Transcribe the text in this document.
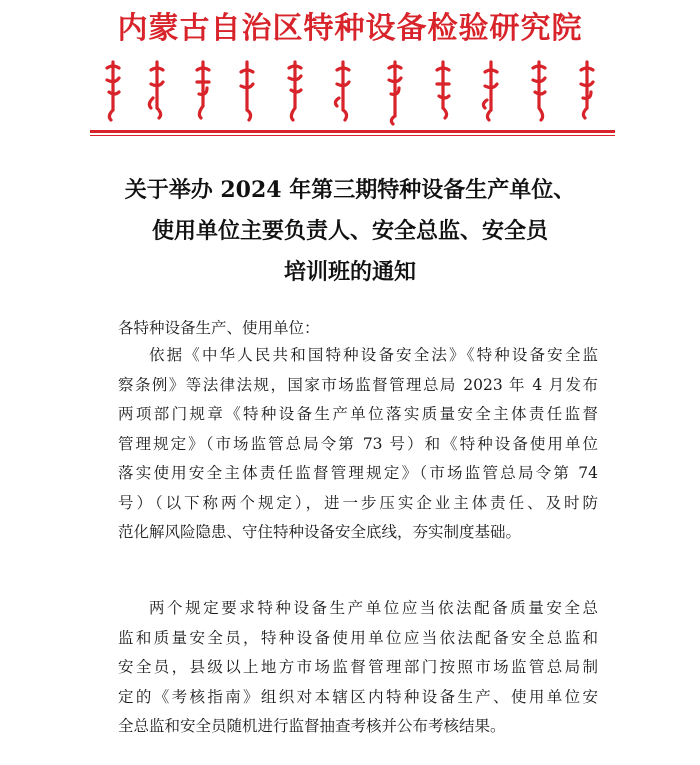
内蒙古自治区特种设备检验研究院
关于举办 2024 年第三期特种设备生产单位、
使用单位主要负责人、安全总监、安全员
培训班的通知
各特种设备生产、使用单位：
依据《中华人民共和国特种设备安全法》《特种设备安全监
察条例》等法律法规，国家市场监督管理总局 2023 年 4 月发布
两项部门规章《特种设备生产单位落实质量安全主体责任监督
管理规定》（市场监管总局令第 73 号）和《特种设备使用单位
落实使用安全主体责任监督管理规定》（市场监管总局令第 74
号）（以下称两个规定），进一步压实企业主体责任、及时防
范化解风险隐患、守住特种设备安全底线，夯实制度基础。
两个规定要求特种设备生产单位应当依法配备质量安全总
监和质量安全员，特种设备使用单位应当依法配备安全总监和
安全员，县级以上地方市场监督管理部门按照市场监管总局制
定的《考核指南》组织对本辖区内特种设备生产、使用单位安
全总监和安全员随机进行监督抽查考核并公布考核结果。
